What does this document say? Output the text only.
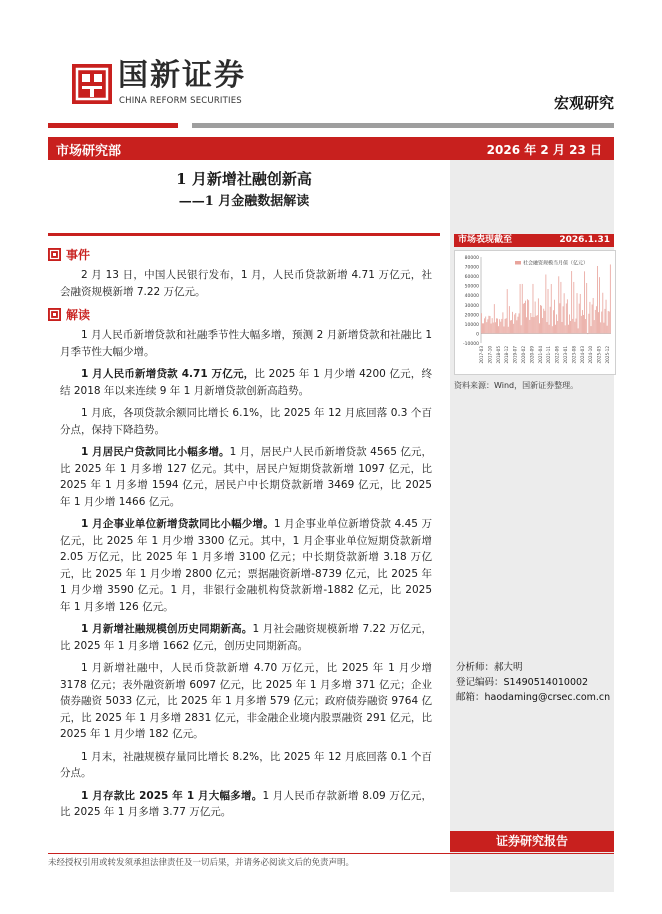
国新证券
CHINA REFORM SECURITIES	宏观研究
市场研究部	2026 年 2 月 23 日
1 月新增社融创新高
——1 月金融数据解读
事件

2 月 13 日，中国人民银行发布，1 月，人民币贷款新增 4.71 万亿元，社会融资规模新增 7.22 万亿元。

解读

1 月人民币新增贷款和社融季节性大幅多增，预测 2 月新增贷款和社融比 1 月季节性大幅少增。

1 月人民币新增贷款 4.71 万亿元，比 2025 年 1 月少增 4200 亿元，终结 2018 年以来连续 9 年 1 月新增贷款创新高趋势。

1 月底，各项贷款余额同比增长 6.1%，比 2025 年 12 月底回落 0.3 个百分点，保持下降趋势。

1 月居民户贷款同比小幅多增。1 月，居民户人民币新增贷款 4565 亿元，比 2025 年 1 月多增 127 亿元。其中，居民户短期贷款新增 1097 亿元，比 2025 年 1 月多增 1594 亿元，居民户中长期贷款新增 3469 亿元，比 2025 年 1 月少增 1466 亿元。

1 月企事业单位新增贷款同比小幅少增。1 月企事业单位新增贷款 4.45 万亿元，比 2025 年 1 月少增 3300 亿元。其中，1 月企事业单位短期贷款新增 2.05 万亿元，比 2025 年 1 月多增 3100 亿元；中长期贷款新增 3.18 万亿元，比 2025 年 1 月少增 2800 亿元；票据融资新增-8739 亿元，比 2025 年 1 月少增 3590 亿元。1 月，非银行金融机构贷款新增-1882 亿元，比 2025 年 1 月多增 126 亿元。

1 月新增社融规模创历史同期新高。1 月社会融资规模新增 7.22 万亿元，比 2025 年 1 月多增 1662 亿元，创历史同期新高。

1 月新增社融中，人民币贷款新增 4.70 万亿元，比 2025 年 1 月少增 3178 亿元；表外融资新增 6097 亿元，比 2025 年 1 月多增 371 亿元；企业债券融资 5033 亿元，比 2025 年 1 月多增 579 亿元；政府债券融资 9764 亿元，比 2025 年 1 月多增 2831 亿元，非金融企业境内股票融资 291 亿元，比 2025 年 1 月少增 182 亿元。

1 月末，社融规模存量同比增长 8.2%，比 2025 年 12 月底回落 0.1 个百分点。

1 月存款比 2025 年 1 月大幅多增。1 月人民币存款新增 8.09 万亿元，比 2025 年 1 月多增 3.77 万亿元。

市场表现截至	2026.1.31
80000
70000
60000
50000
40000
30000
20000
10000
0
-10000
社会融资规模当月值（亿元）
2017-03 2017-10 2018-05 2018-12 2019-07 2020-02 2020-09 2021-04 2021-11 2022-06 2023-01 2023-08 2024-03 2024-10 2025-05 2025-12
资料来源：Wind，国新证券整理。
分析师：郝大明
登记编码：S1490514010002
邮箱：haodaming@crsec.com.cn
证券研究报告
未经授权引用或转发须承担法律责任及一切后果，并请务必阅读文后的免责声明。
